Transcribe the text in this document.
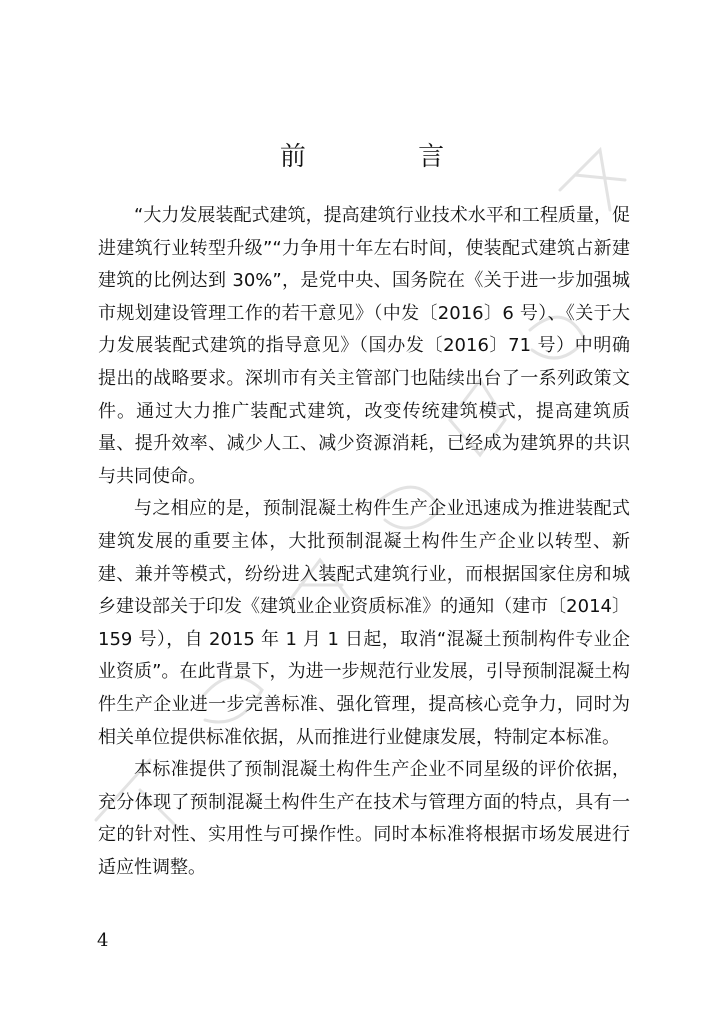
前 言

“大力发展装配式建筑，提高建筑行业技术水平和工程质量，促进建筑行业转型升级”“力争用十年左右时间，使装配式建筑占新建建筑的比例达到 30%”，是党中央、国务院在《关于进一步加强城市规划建设管理工作的若干意见》（中发〔2016〕6 号）、《关于大力发展装配式建筑的指导意见》（国办发〔2016〕71 号）中明确提出的战略要求。深圳市有关主管部门也陆续出台了一系列政策文件。通过大力推广装配式建筑，改变传统建筑模式，提高建筑质量、提升效率、减少人工、减少资源消耗，已经成为建筑界的共识与共同使命。

与之相应的是，预制混凝土构件生产企业迅速成为推进装配式建筑发展的重要主体，大批预制混凝土构件生产企业以转型、新建、兼并等模式，纷纷进入装配式建筑行业，而根据国家住房和城乡建设部关于印发《建筑业企业资质标准》的通知（建市〔2014〕159 号），自 2015 年 1 月 1 日起，取消“混凝土预制构件专业企业资质”。在此背景下，为进一步规范行业发展，引导预制混凝土构件生产企业进一步完善标准、强化管理，提高核心竞争力，同时为相关单位提供标准依据，从而推进行业健康发展，特制定本标准。

本标准提供了预制混凝土构件生产企业不同星级的评价依据，充分体现了预制混凝土构件生产在技术与管理方面的特点，具有一定的针对性、实用性与可操作性。同时本标准将根据市场发展进行适应性调整。

4
